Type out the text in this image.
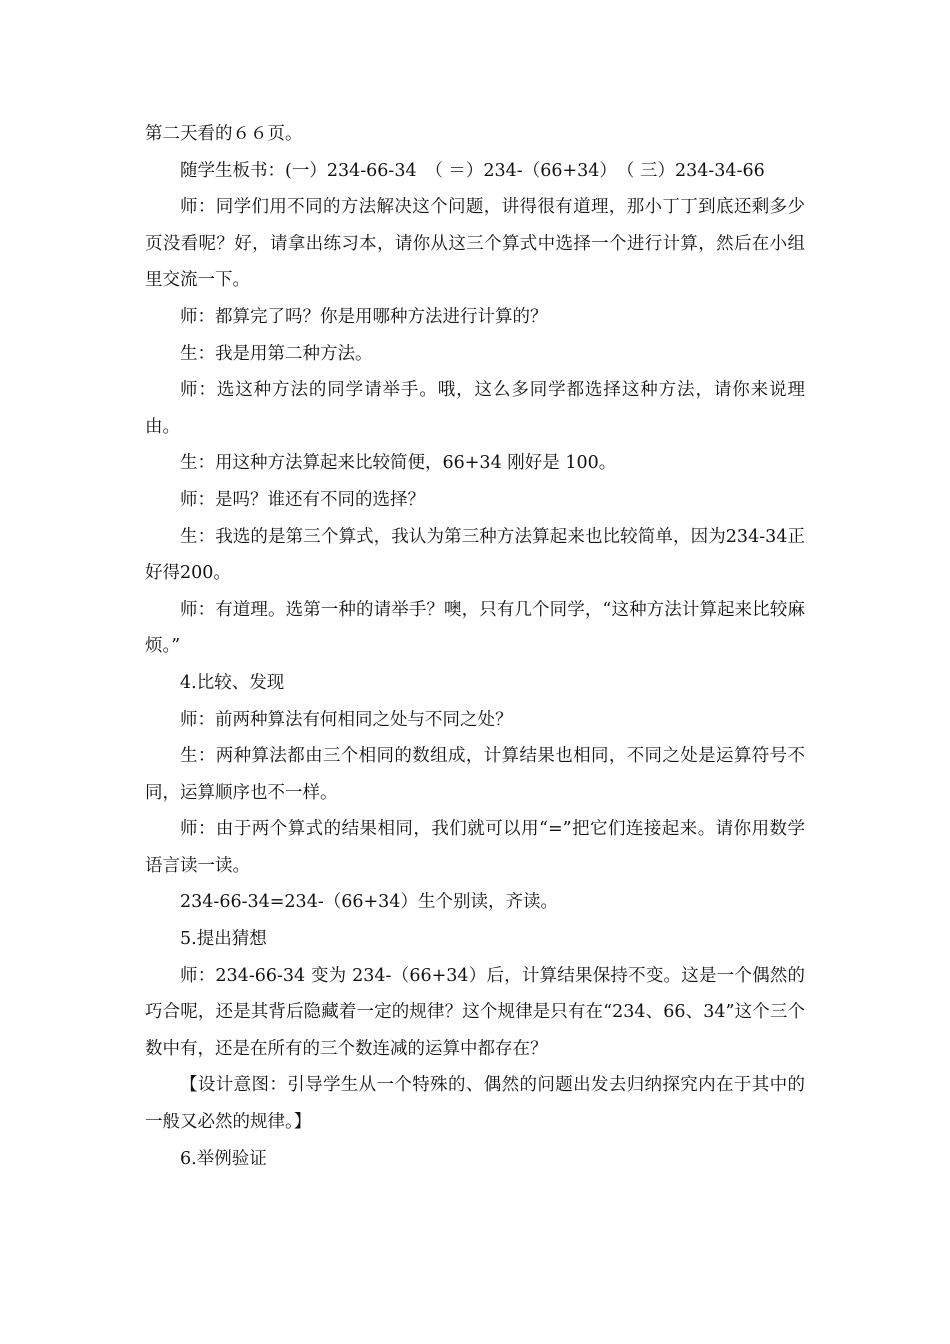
第二天看的６６页。

随学生板书：(一）234-66-34　（ ＝）234-（66+34）　（ 三）234-34-66

师：同学们用不同的方法解决这个问题，讲得很有道理，那小丁丁到底还剩多少页没看呢？好，请拿出练习本，请你从这三个算式中选择一个进行计算，然后在小组里交流一下。

师：都算完了吗？你是用哪种方法进行计算的？

生：我是用第二种方法。

师：选这种方法的同学请举手。哦，这么多同学都选择这种方法，请你来说理由。

生：用这种方法算起来比较简便，66+34 刚好是 100。

师：是吗？谁还有不同的选择？

生：我选的是第三个算式，我认为第三种方法算起来也比较简单，因为234-34正好得200。

师：有道理。选第一种的请举手？噢，只有几个同学，“这种方法计算起来比较麻烦。”

4.比较、发现

师：前两种算法有何相同之处与不同之处？

生：两种算法都由三个相同的数组成，计算结果也相同，不同之处是运算符号不同，运算顺序也不一样。

师：由于两个算式的结果相同，我们就可以用“=”把它们连接起来。请你用数学语言读一读。

234-66-34=234-（66+34）生个别读，齐读。

5.提出猜想

师：234-66-34 变为 234-（66+34）后，计算结果保持不变。这是一个偶然的巧合呢，还是其背后隐藏着一定的规律？这个规律是只有在“234、66、34”这个三个数中有，还是在所有的三个数连减的运算中都存在？

【设计意图：引导学生从一个特殊的、偶然的问题出发去归纳探究内在于其中的一般又必然的规律。】

6.举例验证
